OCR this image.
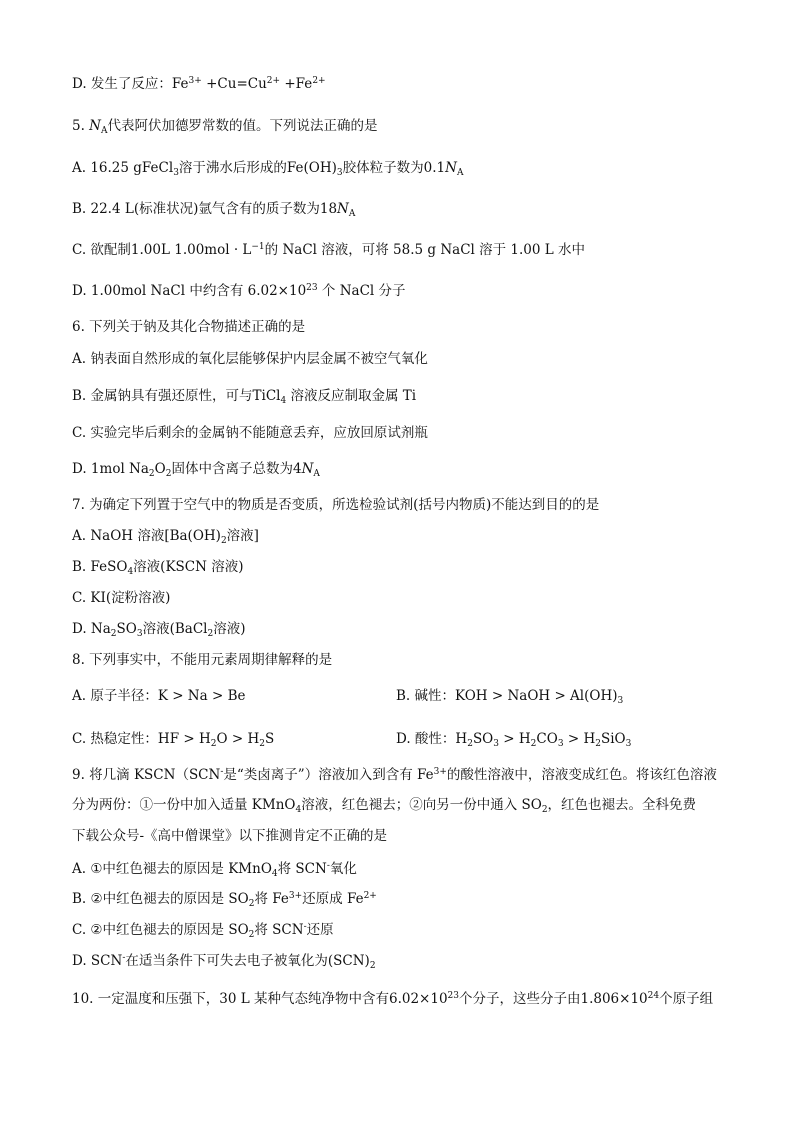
D. 发生了反应：$Fe^{3+} +Cu=Cu^{2+} +Fe^{2+}$
5. $N_A$代表阿伏加德罗常数的值。下列说法正确的是
A. 16.25 gFeCl$_3$溶于沸水后形成的$Fe(OH)_3$胶体粒子数为$0.1N_A$
B. 22.4 L(标准状况)氩气含有的质子数为$18N_A$
C. 欲配制1.00L $1.00mol \cdot L^{-1}$的 NaCl 溶液，可将 58.5 g NaCl 溶于 1.00 L 水中
D. 1.00mol NaCl 中约含有 $6.02\times 10^{23}$ 个 NaCl 分子
6. 下列关于钠及其化合物描述正确的是
A. 钠表面自然形成的氧化层能够保护内层金属不被空气氧化
B. 金属钠具有强还原性，可与TiCl$_4$ 溶液反应制取金属 Ti
C. 实验完毕后剩余的金属钠不能随意丢弃，应放回原试剂瓶
D. 1mol $Na_2O_2$固体中含离子总数为$4N_A$
7. 为确定下列置于空气中的物质是否变质，所选检验试剂(括号内物质)不能达到目的的是
A. NaOH 溶液[$Ba(OH)_2$溶液]
B. FeSO$_4$溶液(KSCN 溶液)
C. KI(淀粉溶液)
D. $Na_2SO_3$溶液(BaCl$_2$溶液)
8. 下列事实中，不能用元素周期律解释的是
A. 原子半径：K > Na > Be	B. 碱性：KOH > NaOH > $Al(OH)_3$
C. 热稳定性：HF > $H_2O > H_2S$	D. 酸性：$H_2SO_3 > H_2CO_3 > H_2SiO_3$
9. 将几滴 KSCN（SCN-是“类卤离子”）溶液加入到含有 $Fe^{3+}$的酸性溶液中，溶液变成红色。将该红色溶液
分为两份：①一份中加入适量 KMnO$_4$溶液，红色褪去；②向另一份中通入 $SO_2$，红色也褪去。全科免费
下载公众号-《高中僧课堂》以下推测肯定不正确的是
A. ①中红色褪去的原因是 KMnO$_4$将 SCN-氧化
B. ②中红色褪去的原因是 $SO_2$将 $Fe^{3+}$还原成 $Fe^{2+}$
C. ②中红色褪去的原因是 $SO_2$将 SCN-还原
D. SCN-在适当条件下可失去电子被氧化为$(SCN)_2$
10. 一定温度和压强下，30 L 某种气态纯净物中含有$6.02\times 10^{23}$个分子，这些分子由$1.806\times 10^{24}$个原子组
